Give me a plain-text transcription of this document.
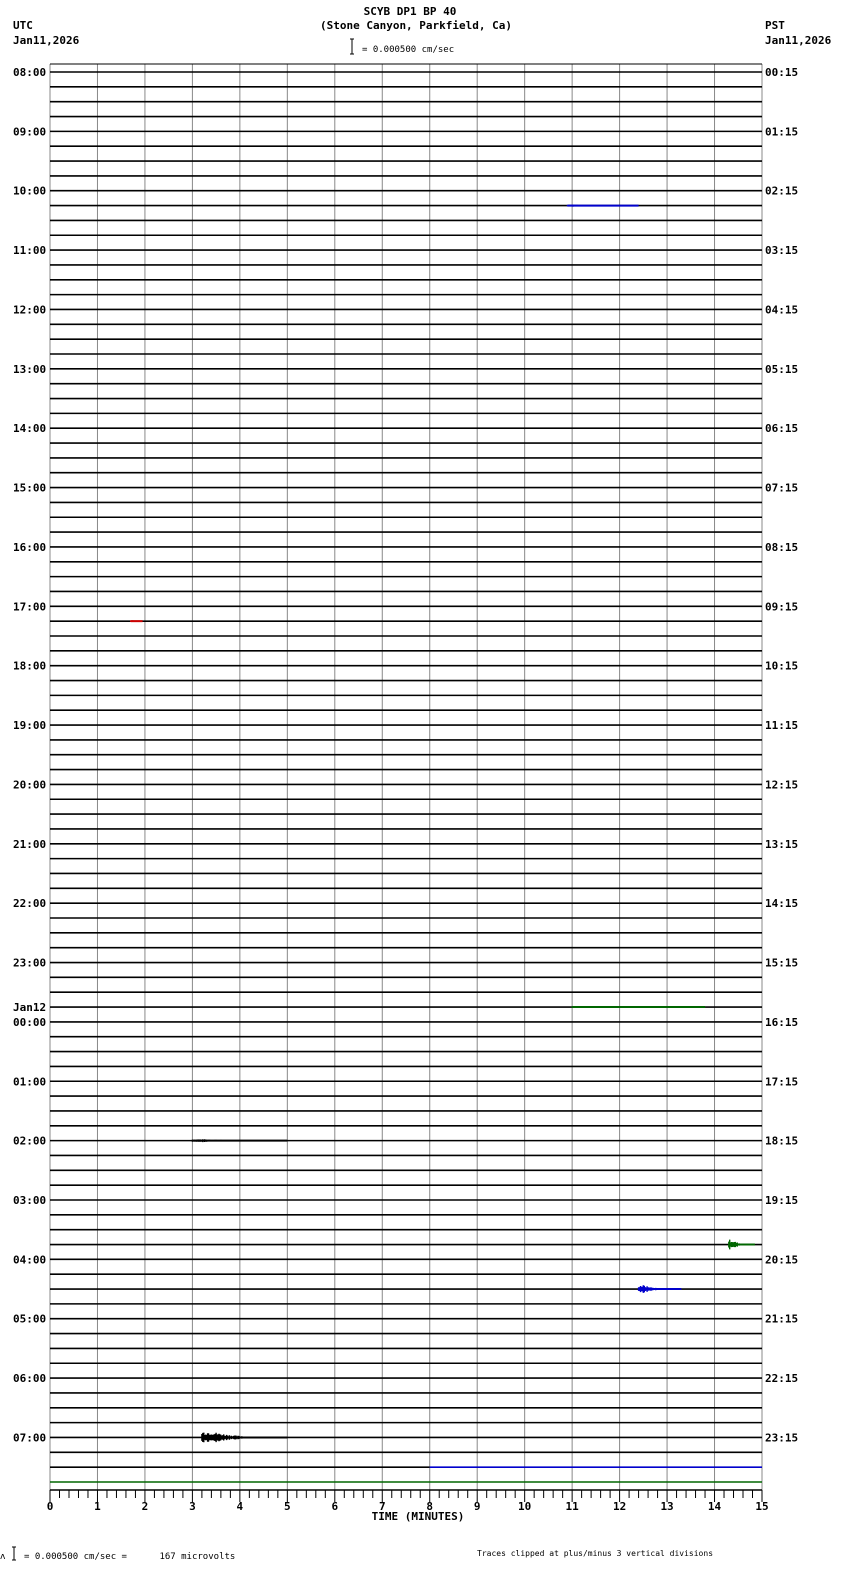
SCYB DP1 BP 40
(Stone Canyon, Parkfield, Ca)
UTC
Jan11,2026
PST
Jan11,2026
= 0.000500 cm/sec
08:00
09:00
10:00
11:00
12:00
13:00
14:00
15:00
16:00
17:00
18:00
19:00
20:00
21:00
22:00
23:00
00:00
01:00
02:00
03:00
04:00
05:00
06:00
07:00
00:15
01:15
02:15
03:15
04:15
05:15
06:15
07:15
08:15
09:15
10:15
11:15
12:15
13:15
14:15
15:15
16:15
17:15
18:15
19:15
20:15
21:15
22:15
23:15
Jan12
0	1	2	3	4	5	6	7	8	9	10	11	12	13	14	15
TIME (MINUTES)
ʌ = 0.000500 cm/sec =      167 microvolts	Traces clipped at plus/minus 3 vertical divisions
